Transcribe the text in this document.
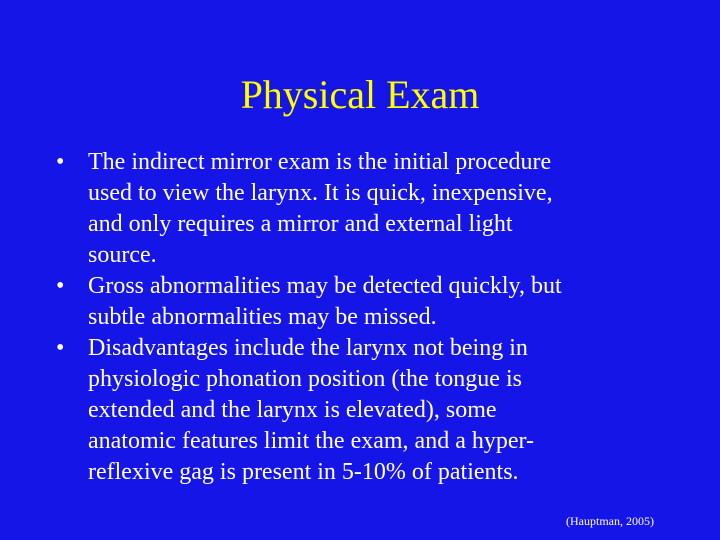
Physical Exam
• The indirect mirror exam is the initial procedure
used to view the larynx. It is quick, inexpensive,
and only requires a mirror and external light
source.
• Gross abnormalities may be detected quickly, but
subtle abnormalities may be missed.
• Disadvantages include the larynx not being in
physiologic phonation position (the tongue is
extended and the larynx is elevated), some
anatomic features limit the exam, and a hyper-
reflexive gag is present in 5-10% of patients.
(Hauptman, 2005)
